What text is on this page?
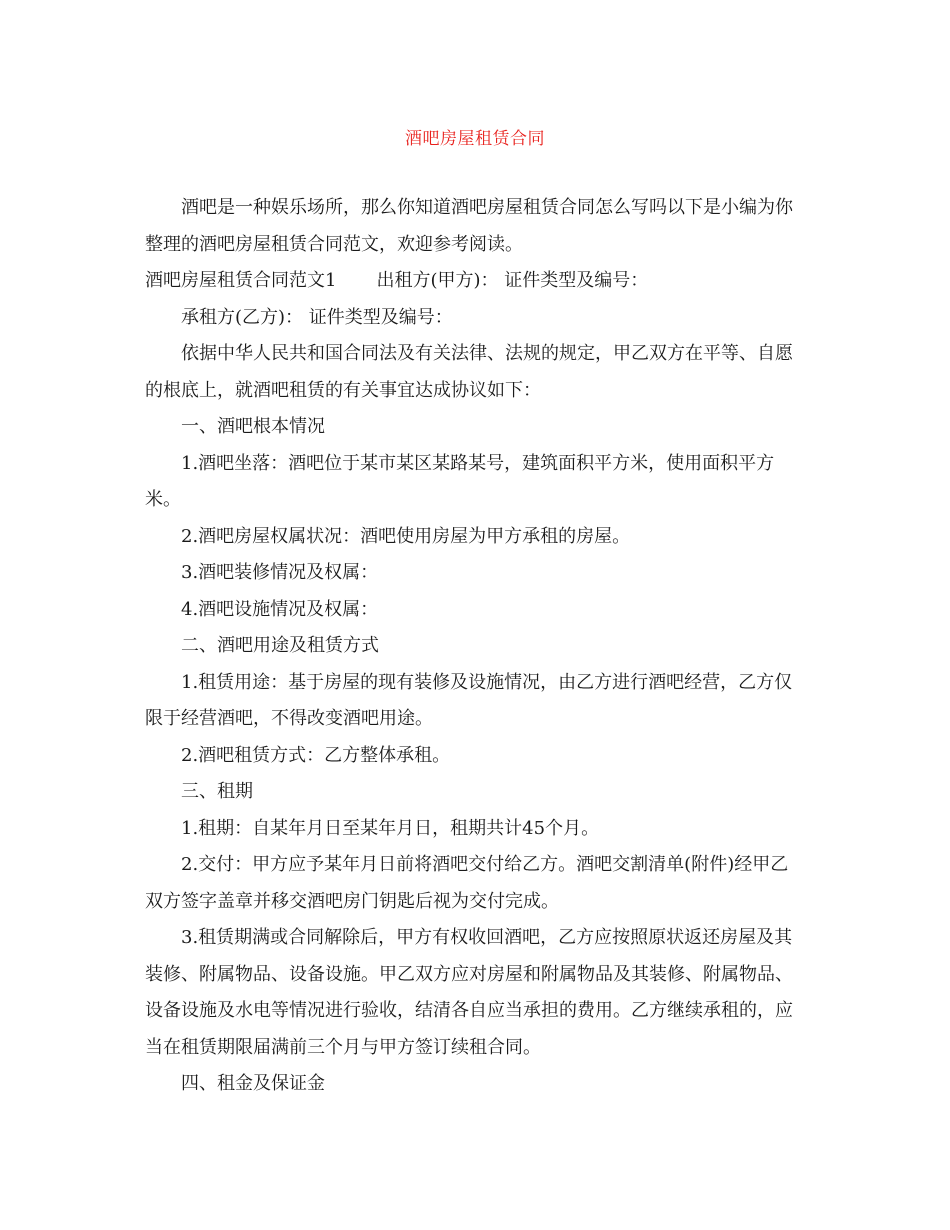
酒吧房屋租赁合同

酒吧是一种娱乐场所，那么你知道酒吧房屋租赁合同怎么写吗以下是小编为你整理的酒吧房屋租赁合同范文，欢迎参考阅读。

酒吧房屋租赁合同范文1 出租方(甲方)： 证件类型及编号：

承租方(乙方)： 证件类型及编号：

依据中华人民共和国合同法及有关法律、法规的规定，甲乙双方在平等、自愿的根底上，就酒吧租赁的有关事宜达成协议如下：

一、酒吧根本情况

1.酒吧坐落：酒吧位于某市某区某路某号，建筑面积平方米，使用面积平方米。

2.酒吧房屋权属状况：酒吧使用房屋为甲方承租的房屋。

3.酒吧装修情况及权属：

4.酒吧设施情况及权属：

二、酒吧用途及租赁方式

1.租赁用途：基于房屋的现有装修及设施情况，由乙方进行酒吧经营，乙方仅限于经营酒吧，不得改变酒吧用途。

2.酒吧租赁方式：乙方整体承租。

三、租期

1.租期：自某年月日至某年月日，租期共计45个月。

2.交付：甲方应予某年月日前将酒吧交付给乙方。酒吧交割清单(附件)经甲乙双方签字盖章并移交酒吧房门钥匙后视为交付完成。

3.租赁期满或合同解除后，甲方有权收回酒吧，乙方应按照原状返还房屋及其装修、附属物品、设备设施。甲乙双方应对房屋和附属物品及其装修、附属物品、设备设施及水电等情况进行验收，结清各自应当承担的费用。乙方继续承租的，应当在租赁期限届满前三个月与甲方签订续租合同。

四、租金及保证金
